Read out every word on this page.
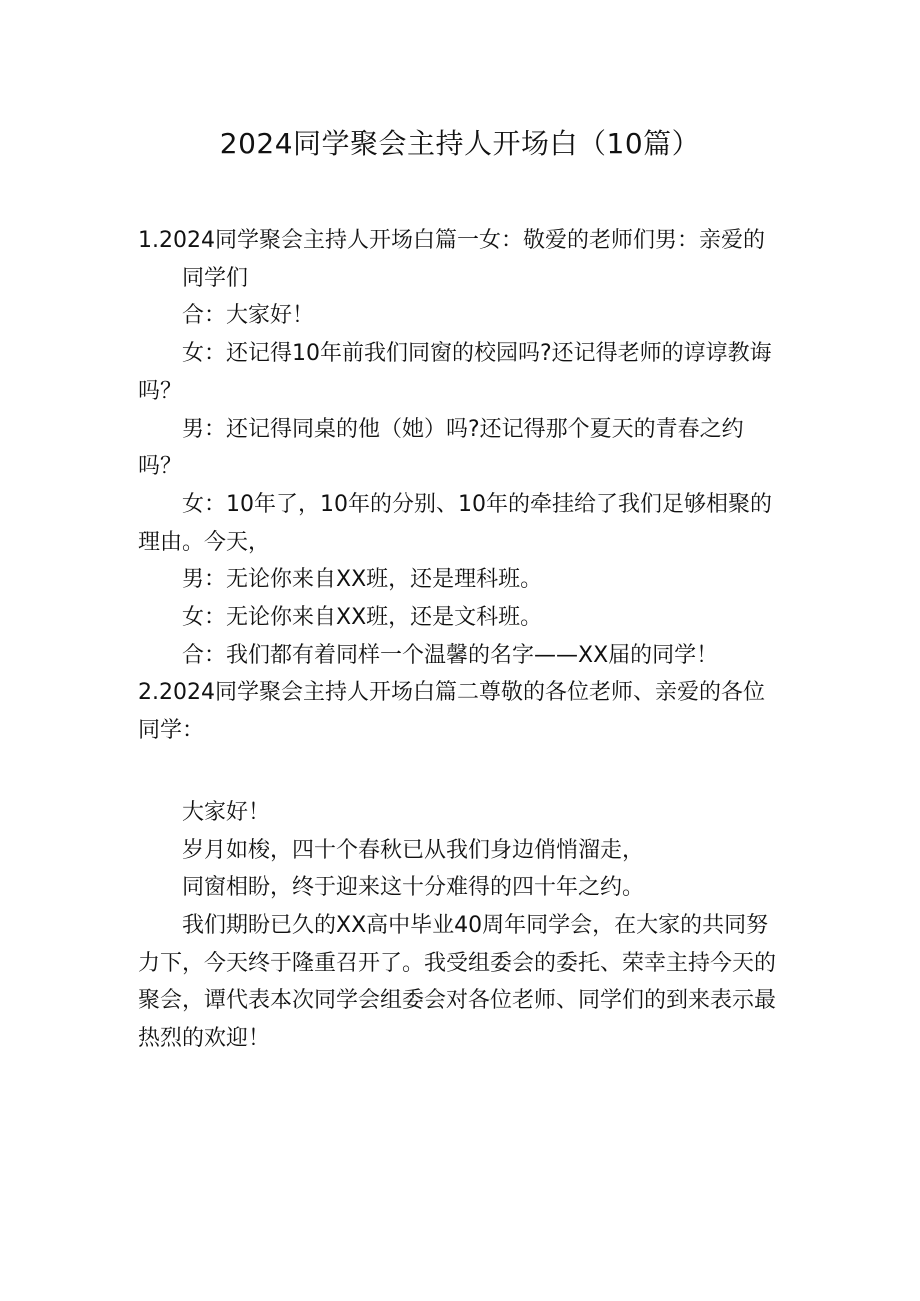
2024同学聚会主持人开场白（10篇）

1.2024同学聚会主持人开场白篇一女：敬爱的老师们男：亲爱的同学们

合：大家好！

女：还记得10年前我们同窗的校园吗?还记得老师的谆谆教诲吗？

男：还记得同桌的他（她）吗?还记得那个夏天的青春之约吗？

女：10年了，10年的分别、10年的牵挂给了我们足够相聚的理由。今天，

男：无论你来自XX班，还是理科班。

女：无论你来自XX班，还是文科班。

合：我们都有着同样一个温馨的名字——XX届的同学！

2.2024同学聚会主持人开场白篇二尊敬的各位老师、亲爱的各位同学：

大家好！

岁月如梭，四十个春秋已从我们身边俏悄溜走，

同窗相盼，终于迎来这十分难得的四十年之约。

我们期盼已久的XX高中毕业40周年同学会，在大家的共同努力下，今天终于隆重召开了。我受组委会的委托、荣幸主持今天的聚会，谭代表本次同学会组委会对各位老师、同学们的到来表示最热烈的欢迎！
